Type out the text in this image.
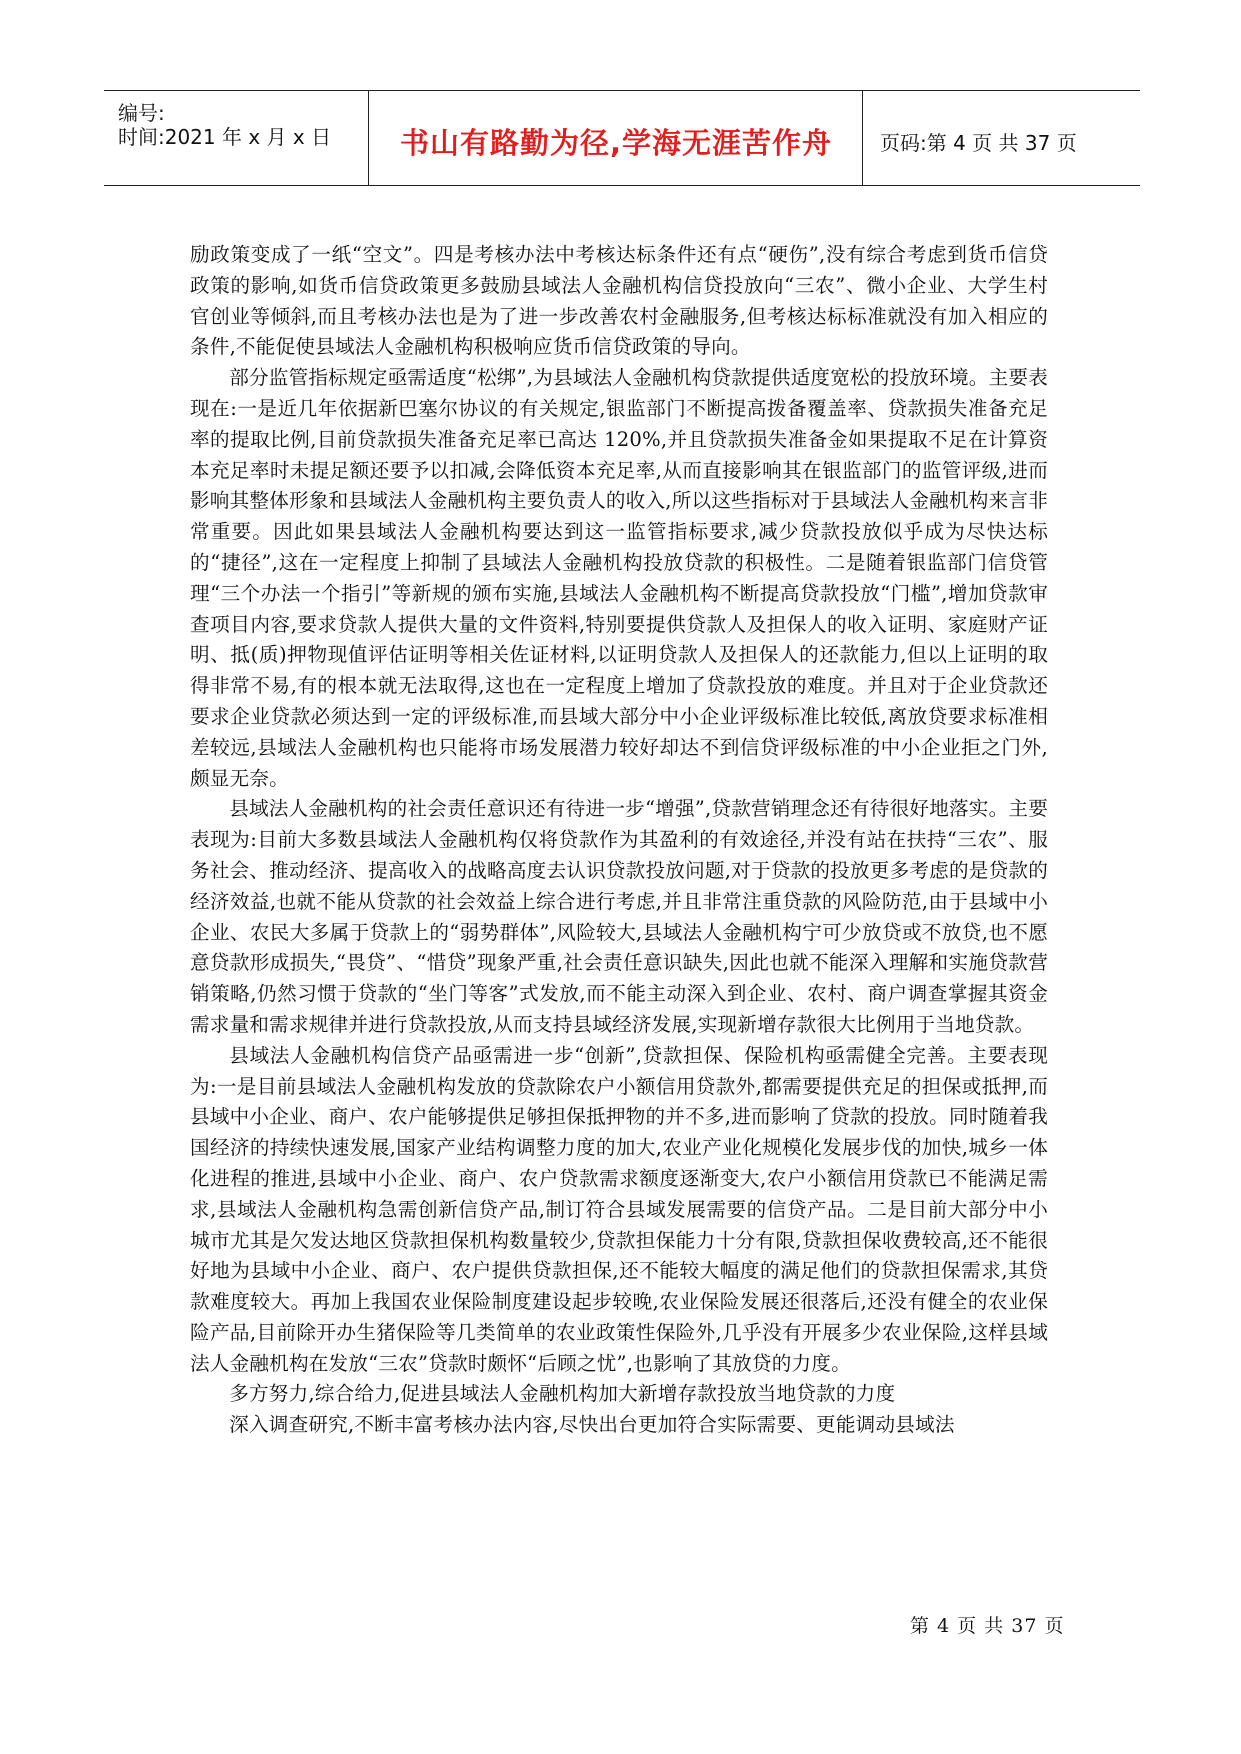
编号:
时间:2021 年 x 月 x 日	书山有路勤为径,学海无涯苦作舟	页码:第 4 页 共 37 页

励政策变成了一纸“空文”。四是考核办法中考核达标条件还有点“硬伤”,没有综合考虑到货币信贷政策的影响,如货币信贷政策更多鼓励县域法人金融机构信贷投放向“三农”、微小企业、大学生村官创业等倾斜,而且考核办法也是为了进一步改善农村金融服务,但考核达标标准就没有加入相应的条件,不能促使县域法人金融机构积极响应货币信贷政策的导向。

部分监管指标规定亟需适度“松绑”,为县域法人金融机构贷款提供适度宽松的投放环境。主要表现在:一是近几年依据新巴塞尔协议的有关规定,银监部门不断提高拨备覆盖率、贷款损失准备充足率的提取比例,目前贷款损失准备充足率已高达 120%,并且贷款损失准备金如果提取不足在计算资本充足率时未提足额还要予以扣减,会降低资本充足率,从而直接影响其在银监部门的监管评级,进而影响其整体形象和县域法人金融机构主要负责人的收入,所以这些指标对于县域法人金融机构来言非常重要。因此如果县域法人金融机构要达到这一监管指标要求,减少贷款投放似乎成为尽快达标的“捷径”,这在一定程度上抑制了县域法人金融机构投放贷款的积极性。二是随着银监部门信贷管理“三个办法一个指引”等新规的颁布实施,县域法人金融机构不断提高贷款投放“门槛”,增加贷款审查项目内容,要求贷款人提供大量的文件资料,特别要提供贷款人及担保人的收入证明、家庭财产证明、抵(质)押物现值评估证明等相关佐证材料,以证明贷款人及担保人的还款能力,但以上证明的取得非常不易,有的根本就无法取得,这也在一定程度上增加了贷款投放的难度。并且对于企业贷款还要求企业贷款必须达到一定的评级标准,而县域大部分中小企业评级标准比较低,离放贷要求标准相差较远,县域法人金融机构也只能将市场发展潜力较好却达不到信贷评级标准的中小企业拒之门外,颇显无奈。

县域法人金融机构的社会责任意识还有待进一步“增强”,贷款营销理念还有待很好地落实。主要表现为:目前大多数县域法人金融机构仅将贷款作为其盈利的有效途径,并没有站在扶持“三农”、服务社会、推动经济、提高收入的战略高度去认识贷款投放问题,对于贷款的投放更多考虑的是贷款的经济效益,也就不能从贷款的社会效益上综合进行考虑,并且非常注重贷款的风险防范,由于县域中小企业、农民大多属于贷款上的“弱势群体”,风险较大,县域法人金融机构宁可少放贷或不放贷,也不愿意贷款形成损失,“畏贷”、“惜贷”现象严重,社会责任意识缺失,因此也就不能深入理解和实施贷款营销策略,仍然习惯于贷款的“坐门等客”式发放,而不能主动深入到企业、农村、商户调查掌握其资金需求量和需求规律并进行贷款投放,从而支持县域经济发展,实现新增存款很大比例用于当地贷款。

县域法人金融机构信贷产品亟需进一步“创新”,贷款担保、保险机构亟需健全完善。主要表现为:一是目前县域法人金融机构发放的贷款除农户小额信用贷款外,都需要提供充足的担保或抵押,而县域中小企业、商户、农户能够提供足够担保抵押物的并不多,进而影响了贷款的投放。同时随着我国经济的持续快速发展,国家产业结构调整力度的加大,农业产业化规模化发展步伐的加快,城乡一体化进程的推进,县域中小企业、商户、农户贷款需求额度逐渐变大,农户小额信用贷款已不能满足需求,县域法人金融机构急需创新信贷产品,制订符合县域发展需要的信贷产品。二是目前大部分中小城市尤其是欠发达地区贷款担保机构数量较少,贷款担保能力十分有限,贷款担保收费较高,还不能很好地为县域中小企业、商户、农户提供贷款担保,还不能较大幅度的满足他们的贷款担保需求,其贷款难度较大。再加上我国农业保险制度建设起步较晚,农业保险发展还很落后,还没有健全的农业保险产品,目前除开办生猪保险等几类简单的农业政策性保险外,几乎没有开展多少农业保险,这样县域法人金融机构在发放“三农”贷款时颇怀“后顾之忧”,也影响了其放贷的力度。

多方努力,综合给力,促进县域法人金融机构加大新增存款投放当地贷款的力度

深入调查研究,不断丰富考核办法内容,尽快出台更加符合实际需要、更能调动县域法

第 4 页 共 37 页
